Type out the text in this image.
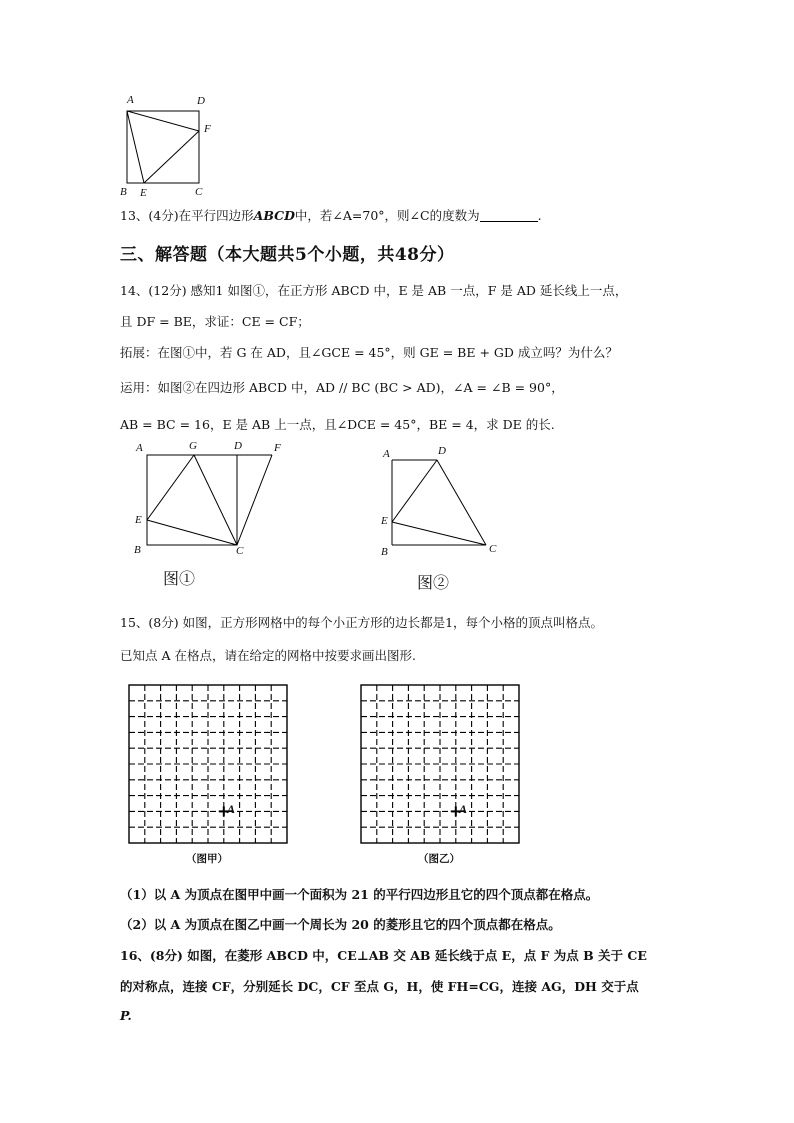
A	D
F
B E	C
13、(4分)在平行四边形ABCD中，若∠A=70°，则∠C的度数为	.
三、解答题（本大题共5个小题，共48分）
14、(12分) 感知1 如图①，在正方形 ABCD 中，E 是 AB 一点，F 是 AD 延长线上一点，
且 DF = BE，求证：CE = CF；
拓展：在图①中，若 G 在 AD，且∠GCE = 45°，则 GE = BE + GD 成立吗？为什么？
运用：如图②在四边形 ABCD 中，AD // BC (BC > AD)，∠A = ∠B = 90°，
AB = BC = 16，E 是 AB 上一点，且∠DCE = 45°，BE = 4，求 DE 的长.
A	G	D	F
E
B	C
图①
A	D
E
B	C
图②
15、(8分) 如图，正方形网格中的每个小正方形的边长都是1，每个小格的顶点叫格点。
已知点 A 在格点，请在给定的网格中按要求画出图形.
A
（图甲）
A
（图乙）
（1）以 A 为顶点在图甲中画一个面积为 21 的平行四边形且它的四个顶点都在格点。
（2）以 A 为顶点在图乙中画一个周长为 20 的菱形且它的四个顶点都在格点。
16、(8分) 如图，在菱形 ABCD 中，CE⊥AB 交 AB 延长线于点 E，点 F 为点 B 关于 CE
的对称点，连接 CF，分别延长 DC，CF 至点 G，H，使 FH=CG，连接 AG，DH 交于点
P.
